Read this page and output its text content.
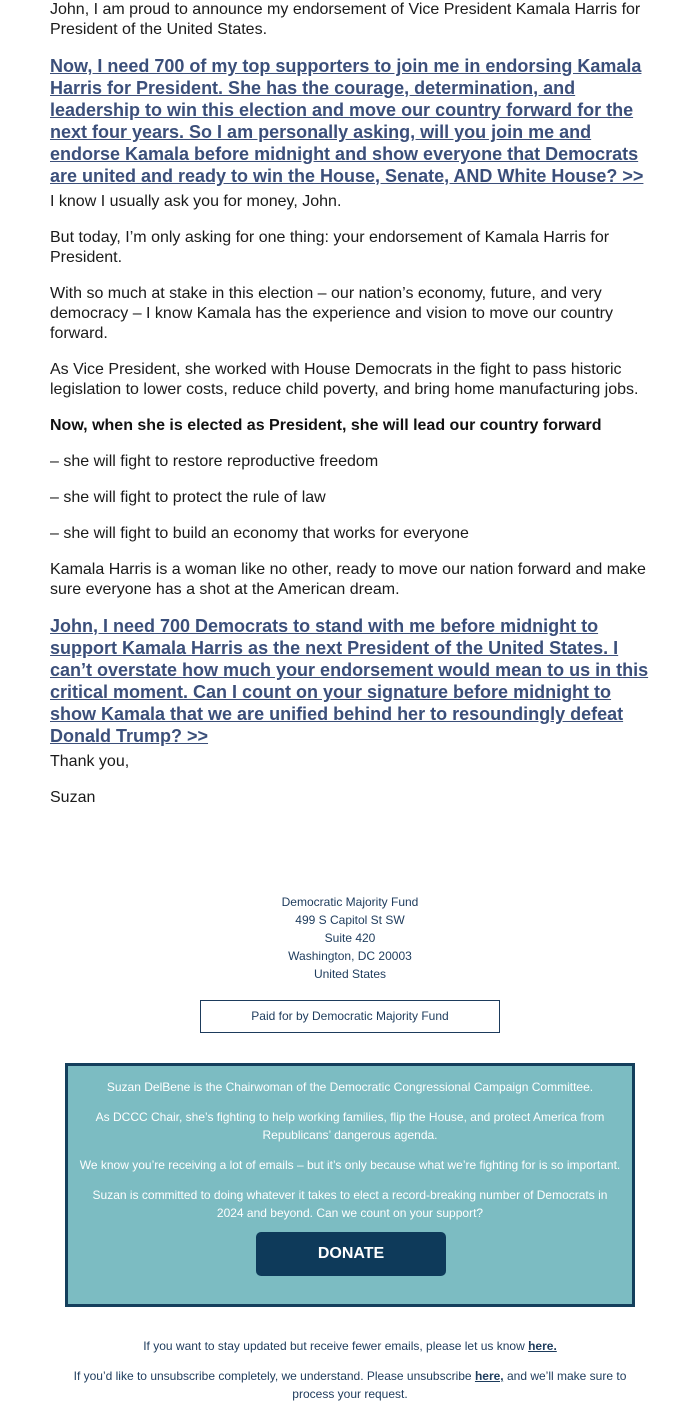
John, I am proud to announce my endorsement of Vice President Kamala Harris for President of the United States.

Now, I need 700 of my top supporters to join me in endorsing Kamala Harris for President. She has the courage, determination, and leadership to win this election and move our country forward for the next four years. So I am personally asking, will you join me and endorse Kamala before midnight and show everyone that Democrats are united and ready to win the House, Senate, AND White House? >>

I know I usually ask you for money, John.

But today, I’m only asking for one thing: your endorsement of Kamala Harris for President.

With so much at stake in this election – our nation’s economy, future, and very democracy – I know Kamala has the experience and vision to move our country forward.

As Vice President, she worked with House Democrats in the fight to pass historic legislation to lower costs, reduce child poverty, and bring home manufacturing jobs.

Now, when she is elected as President, she will lead our country forward

– she will fight to restore reproductive freedom

– she will fight to protect the rule of law

– she will fight to build an economy that works for everyone

Kamala Harris is a woman like no other, ready to move our nation forward and make sure everyone has a shot at the American dream.

John, I need 700 Democrats to stand with me before midnight to support Kamala Harris as the next President of the United States. I can’t overstate how much your endorsement would mean to us in this critical moment. Can I count on your signature before midnight to show Kamala that we are unified behind her to resoundingly defeat Donald Trump? >>

Thank you,

Suzan

Democratic Majority Fund
499 S Capitol St SW
Suite 420
Washington, DC 20003
United States
Paid for by Democratic Majority Fund

Suzan DelBene is the Chairwoman of the Democratic Congressional Campaign Committee.

As DCCC Chair, she’s fighting to help working families, flip the House, and protect America from Republicans’ dangerous agenda.

We know you’re receiving a lot of emails – but it’s only because what we’re fighting for is so important.

Suzan is committed to doing whatever it takes to elect a record-breaking number of Democrats in 2024 and beyond. Can we count on your support?

DONATE
If you want to stay updated but receive fewer emails, please let us know here.
If you’d like to unsubscribe completely, we understand. Please unsubscribe here, and we’ll make sure to process your request.
